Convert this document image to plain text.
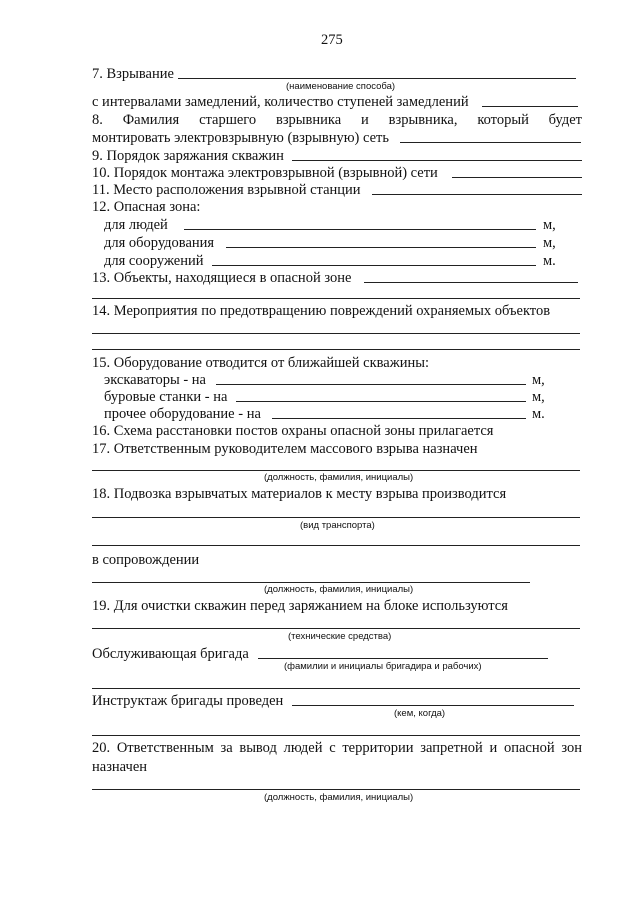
275
7. Взрывание
(наименование способа)
с интервалами замедлений, количество ступеней замедлений
8. Фамилия старшего взрывника и взрывника, который будет
монтировать электровзрывную (взрывную) сеть
9. Порядок заряжания скважин
10. Порядок монтажа электровзрывной (взрывной) сети
11. Место расположения взрывной станции
12. Опасная зона:
для людей	м,
для оборудования	м,
для сооружений	м.
13. Объекты, находящиеся в опасной зоне
14. Мероприятия по предотвращению повреждений охраняемых объектов
15. Оборудование отводится от ближайшей скважины:
экскаваторы - на	м,
буровые станки - на	м,
прочее оборудование - на	м.
16. Схема расстановки постов охраны опасной зоны прилагается
17. Ответственным руководителем массового взрыва назначен
(должность, фамилия, инициалы)
18. Подвозка взрывчатых материалов к месту взрыва производится
(вид транспорта)
в сопровождении
(должность, фамилия, инициалы)
19. Для очистки скважин перед заряжанием на блоке используются
(технические средства)
Обслуживающая бригада
(фамилии и инициалы бригадира и рабочих)
Инструктаж бригады проведен
(кем, когда)
20. Ответственным за вывод людей с территории запретной и опасной зон
назначен
(должность, фамилия, инициалы)
